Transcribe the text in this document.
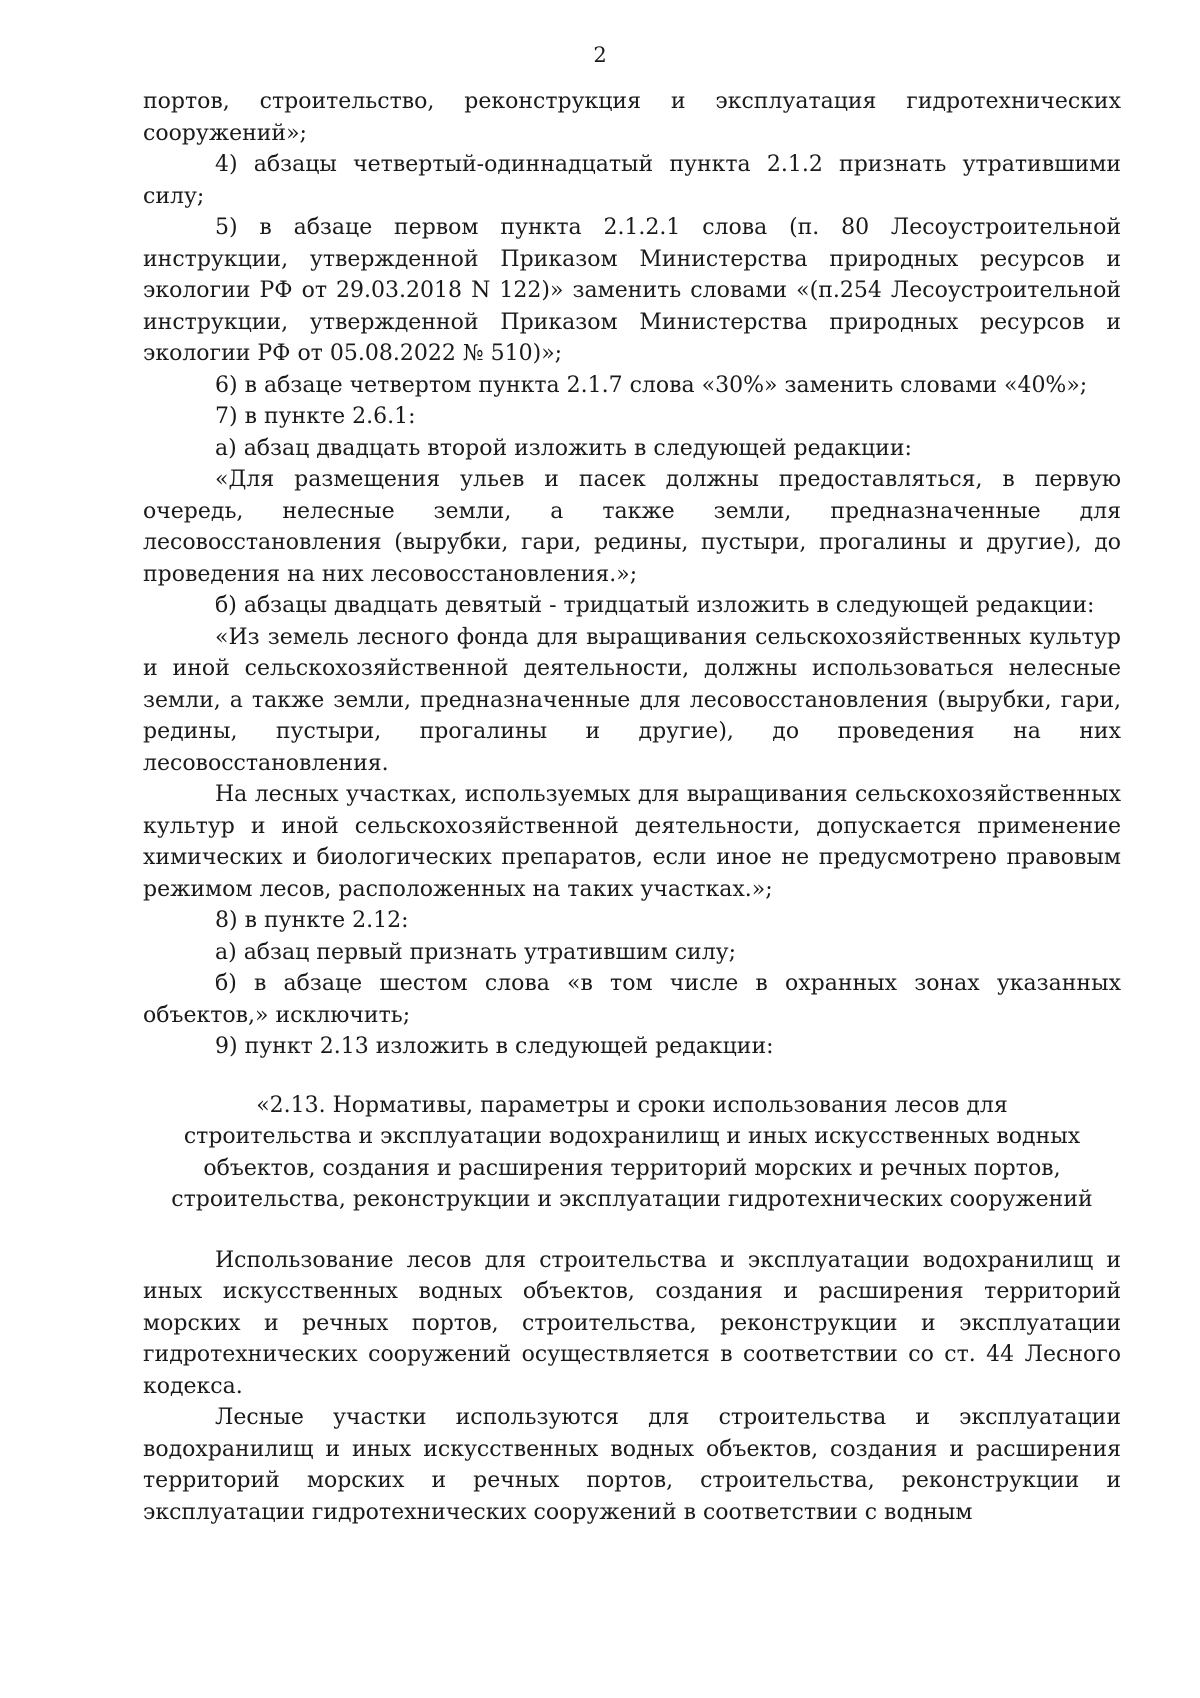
2

портов, строительство, реконструкция и эксплуатация гидротехнических сооружений»;

4) абзацы четвертый-одиннадцатый пункта 2.1.2 признать утратившими силу;

5) в абзаце первом пункта 2.1.2.1 слова (п. 80 Лесоустроительной инструкции, утвержденной Приказом Министерства природных ресурсов и экологии РФ от 29.03.2018 N 122)» заменить словами «(п.254 Лесоустроительной инструкции, утвержденной Приказом Министерства природных ресурсов и экологии РФ от 05.08.2022 № 510)»;

6) в абзаце четвертом пункта 2.1.7 слова «30%» заменить словами «40%»;

7) в пункте 2.6.1:

а) абзац двадцать второй изложить в следующей редакции:

«Для размещения ульев и пасек должны предоставляться, в первую очередь, нелесные земли, а также земли, предназначенные для лесовосстановления (вырубки, гари, редины, пустыри, прогалины и другие), до проведения на них лесовосстановления.»;

б) абзацы двадцать девятый - тридцатый изложить в следующей редакции:

«Из земель лесного фонда для выращивания сельскохозяйственных культур и иной сельскохозяйственной деятельности, должны использоваться нелесные земли, а также земли, предназначенные для лесовосстановления (вырубки, гари, редины, пустыри, прогалины и другие), до проведения на них лесовосстановления.

На лесных участках, используемых для выращивания сельскохозяйственных культур и иной сельскохозяйственной деятельности, допускается применение химических и биологических препаратов, если иное не предусмотрено правовым режимом лесов, расположенных на таких участках.»;

8) в пункте 2.12:

а) абзац первый признать утратившим силу;

б) в абзаце шестом слова «в том числе в охранных зонах указанных объектов,» исключить;

9) пункт 2.13 изложить в следующей редакции:

«2.13. Нормативы, параметры и сроки использования лесов для
строительства и эксплуатации водохранилищ и иных искусственных водных
объектов, создания и расширения территорий морских и речных портов,
строительства, реконструкции и эксплуатации гидротехнических сооружений

Использование лесов для строительства и эксплуатации водохранилищ и иных искусственных водных объектов, создания и расширения территорий морских и речных портов, строительства, реконструкции и эксплуатации гидротехнических сооружений осуществляется в соответствии со ст. 44 Лесного кодекса.

Лесные участки используются для строительства и эксплуатации водохранилищ и иных искусственных водных объектов, создания и расширения территорий морских и речных портов, строительства, реконструкции и эксплуатации гидротехнических сооружений в соответствии с водным
